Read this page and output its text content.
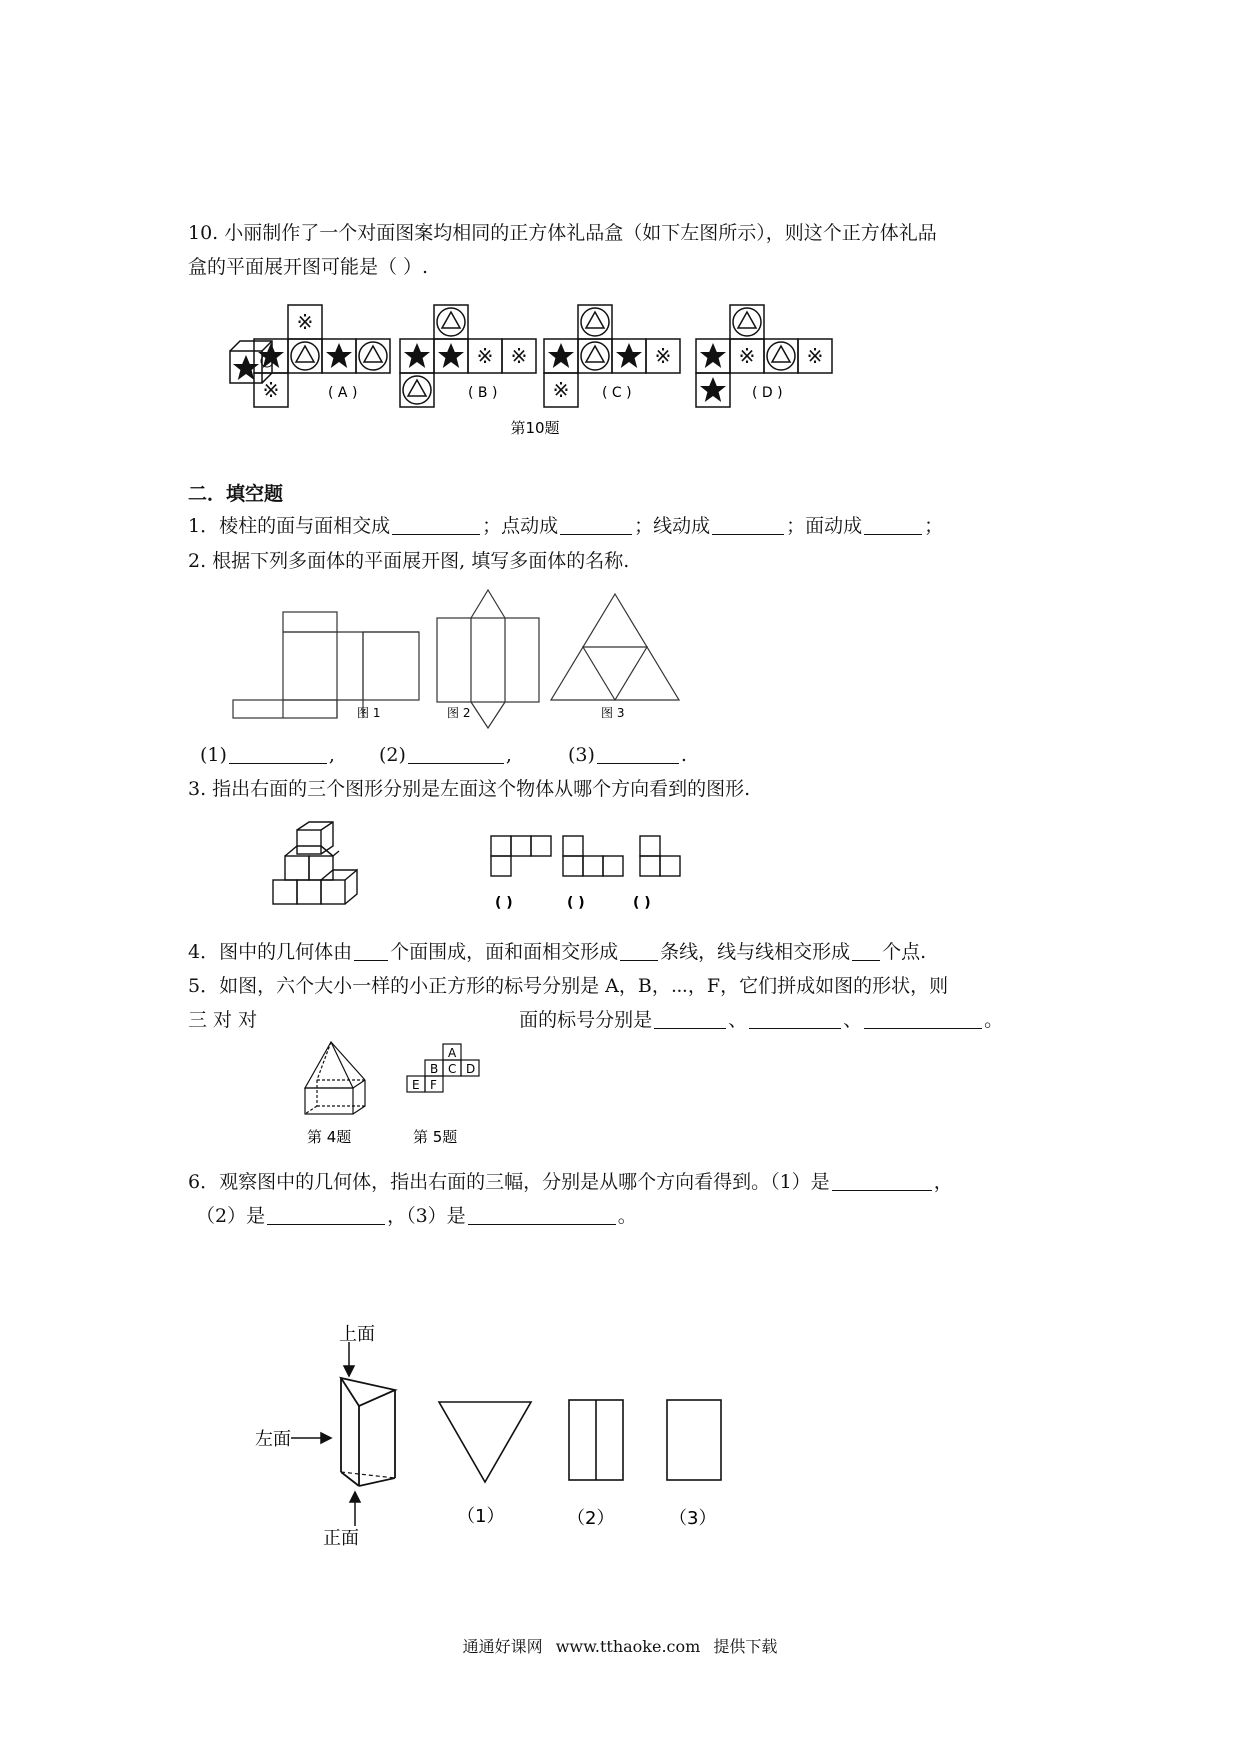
10. 小丽制作了一个对面图案均相同的正方体礼品盒（如下左图所示），则这个正方体礼品
盒的平面展开图可能是（ ）.
※
( A )	( B )	( C )	( D )
第10题
二．填空题
1．棱柱的面与面相交成	；点动成	；线动成	；面动成	；
2. 根据下列多面体的平面展开图, 填写多面体的名称.
图 1	图 2	图 3
(1)	, (2)	,	(3)	.
3. 指出右面的三个图形分别是左面这个物体从哪个方向看到的图形.
( )	( )	( )
4．图中的几何体由 个面围成，面和面相交形成 条线，线与线相交形成 个点.
5．如图，六个大小一样的小正方形的标号分别是 A，B，⋯，F，它们拼成如图的形状，则
三 对 对	面的标号分别是	、	、	。
A
B C D
E F
第 4题	第 5题
6．观察图中的几何体，指出右面的三幅，分别是从哪个方向看得到。（1）是	，
（2）是	，（3）是	。
上面
左面
正面
（1）	（2）	（3）
通通好课网 www.tthaoke.com 提供下载
